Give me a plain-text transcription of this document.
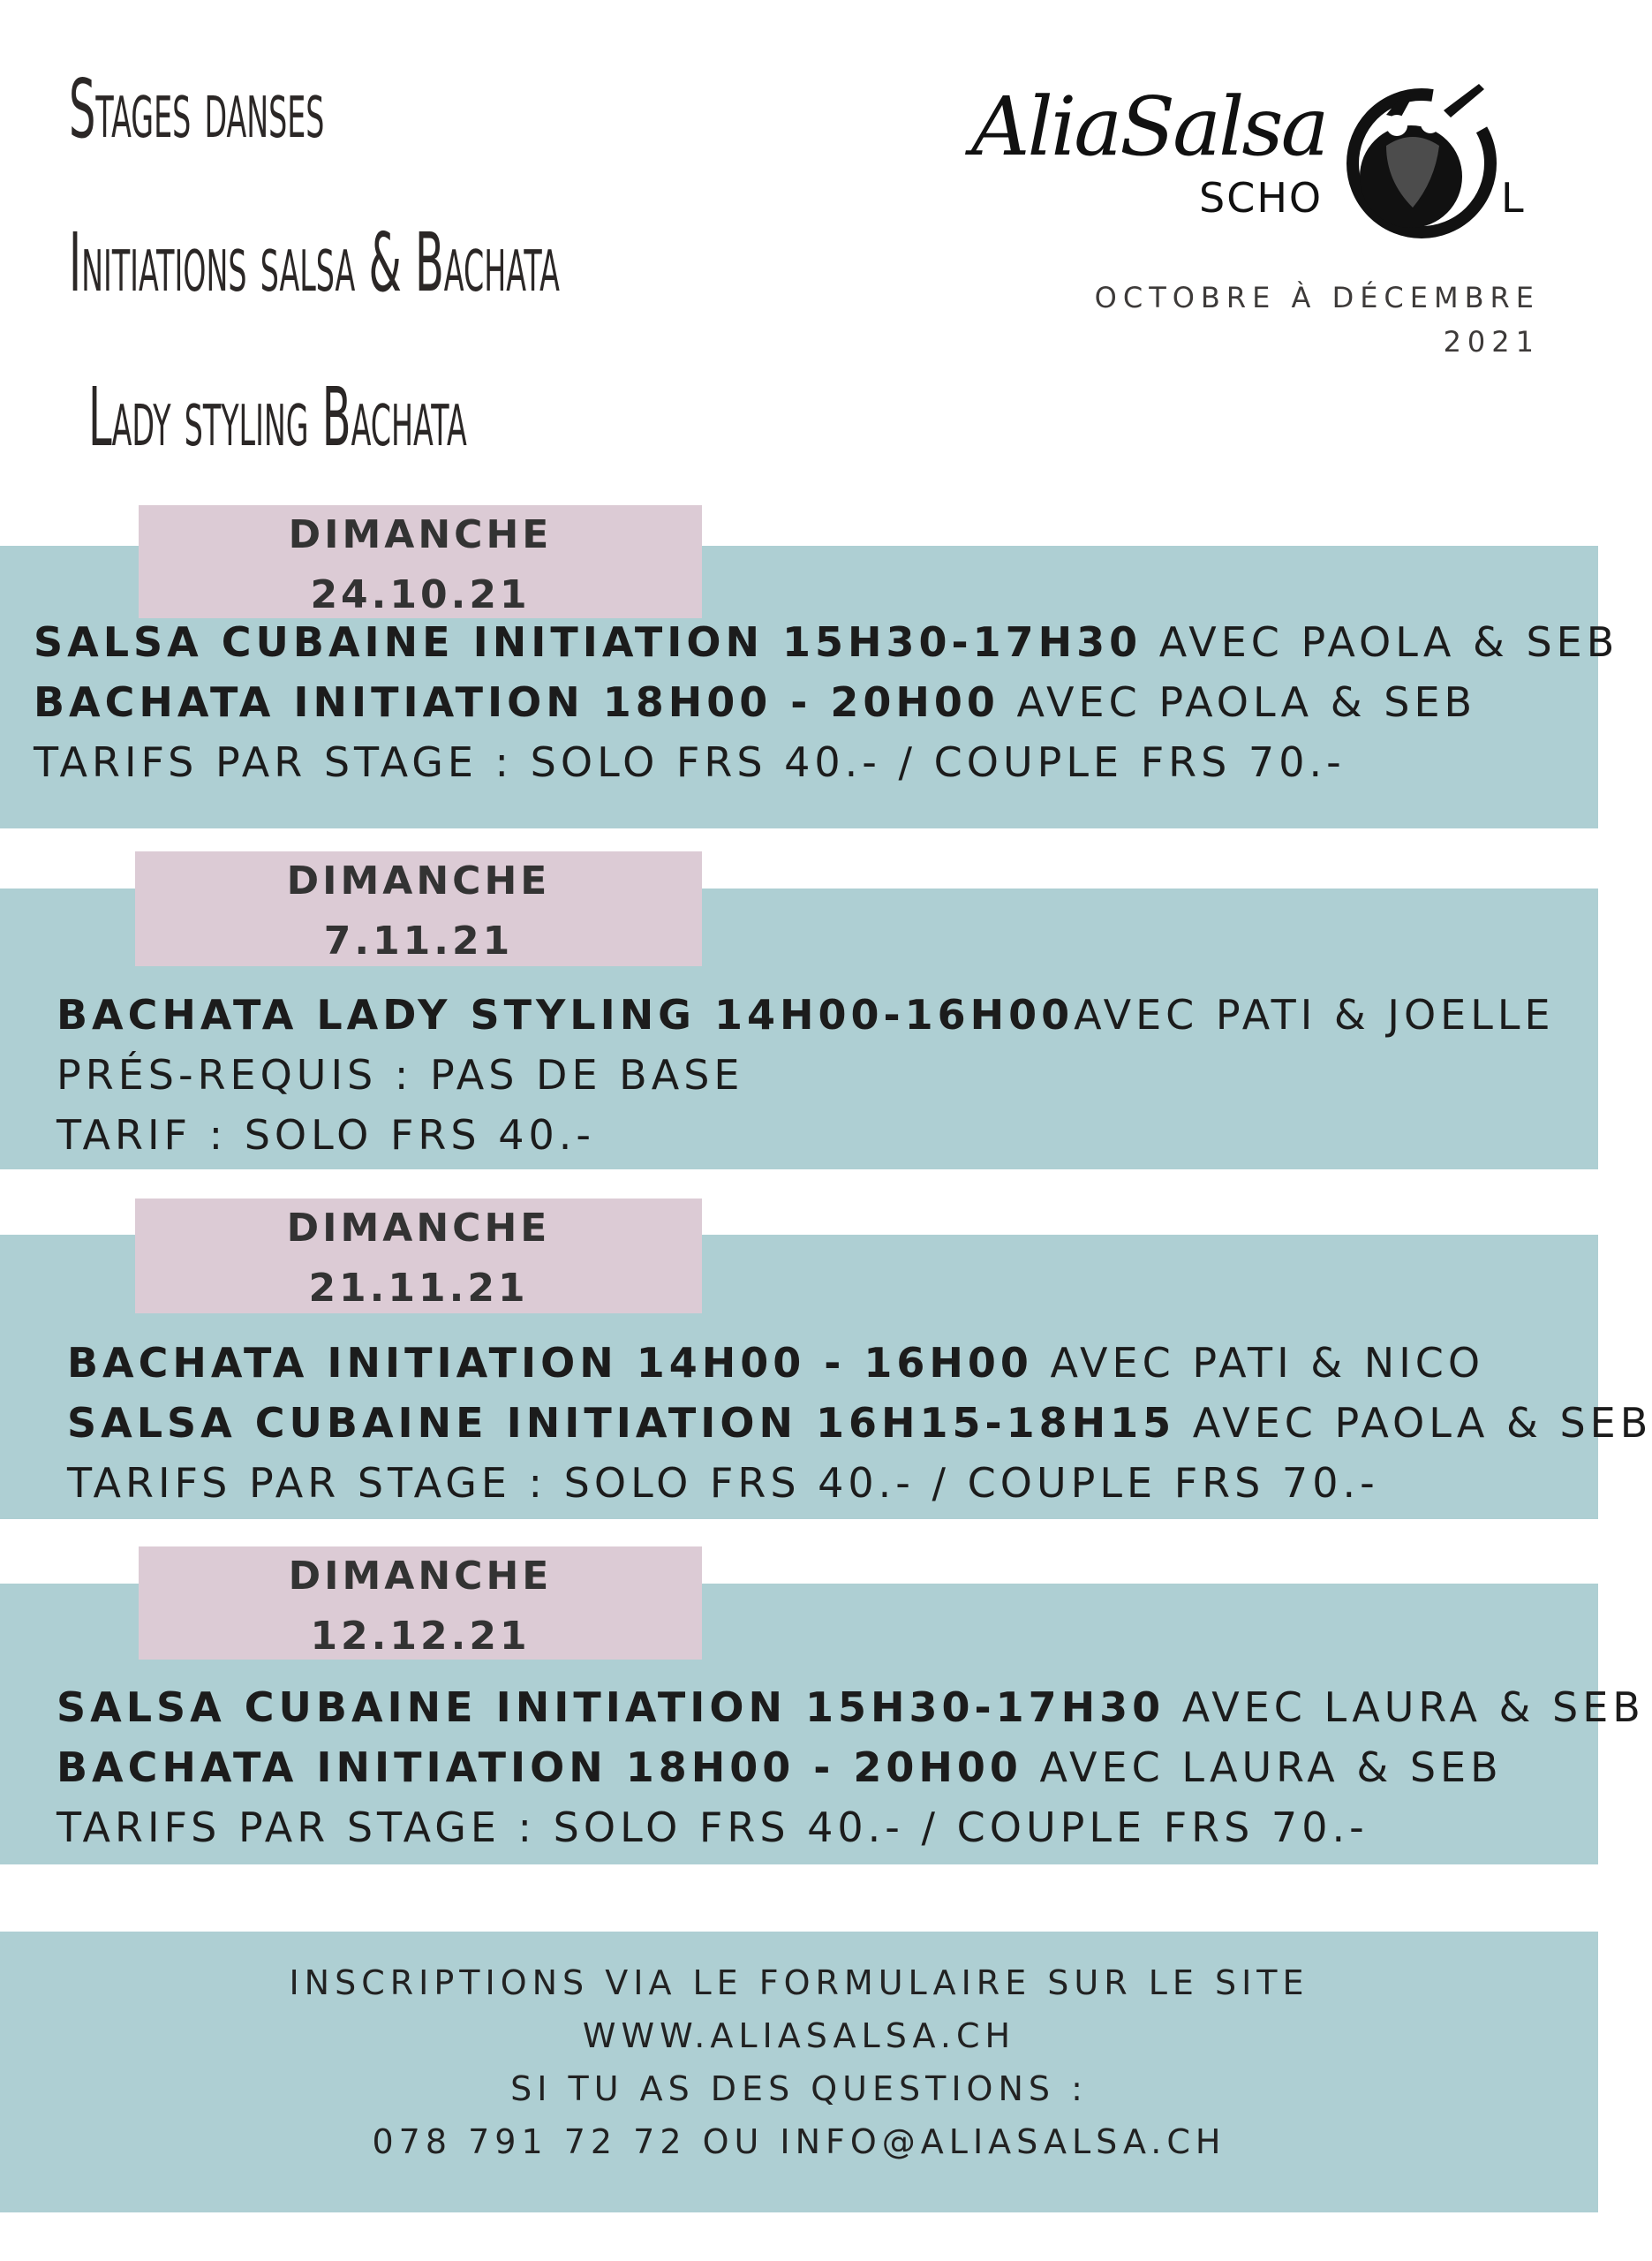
Stages danses
Initiations salsa & Bachata
Lady styling Bachata
AliaSalsa
SCHO	L
OCTOBRE À DÉCEMBRE
2021
DIMANCHE
24.10.21
SALSA CUBAINE INITIATION 15H30-17H30 AVEC PAOLA & SEB
BACHATA INITIATION 18H00 - 20H00 AVEC PAOLA & SEB
TARIFS PAR STAGE : SOLO FRS 40.- / COUPLE FRS 70.-
DIMANCHE
7.11.21
BACHATA LADY STYLING 14H00-16H00AVEC PATI & JOELLE
PRÉS-REQUIS : PAS DE BASE
TARIF : SOLO FRS 40.-
DIMANCHE
21.11.21
BACHATA INITIATION 14H00 - 16H00 AVEC PATI & NICO
SALSA CUBAINE INITIATION 16H15-18H15 AVEC PAOLA & SEB
TARIFS PAR STAGE : SOLO FRS 40.- / COUPLE FRS 70.-
DIMANCHE
12.12.21
SALSA CUBAINE INITIATION 15H30-17H30 AVEC LAURA & SEB
BACHATA INITIATION 18H00 - 20H00 AVEC LAURA & SEB
TARIFS PAR STAGE : SOLO FRS 40.- / COUPLE FRS 70.-
INSCRIPTIONS VIA LE FORMULAIRE SUR LE SITE
WWW.ALIASALSA.CH
SI TU AS DES QUESTIONS :
078 791 72 72 OU INFO@ALIASALSA.CH
